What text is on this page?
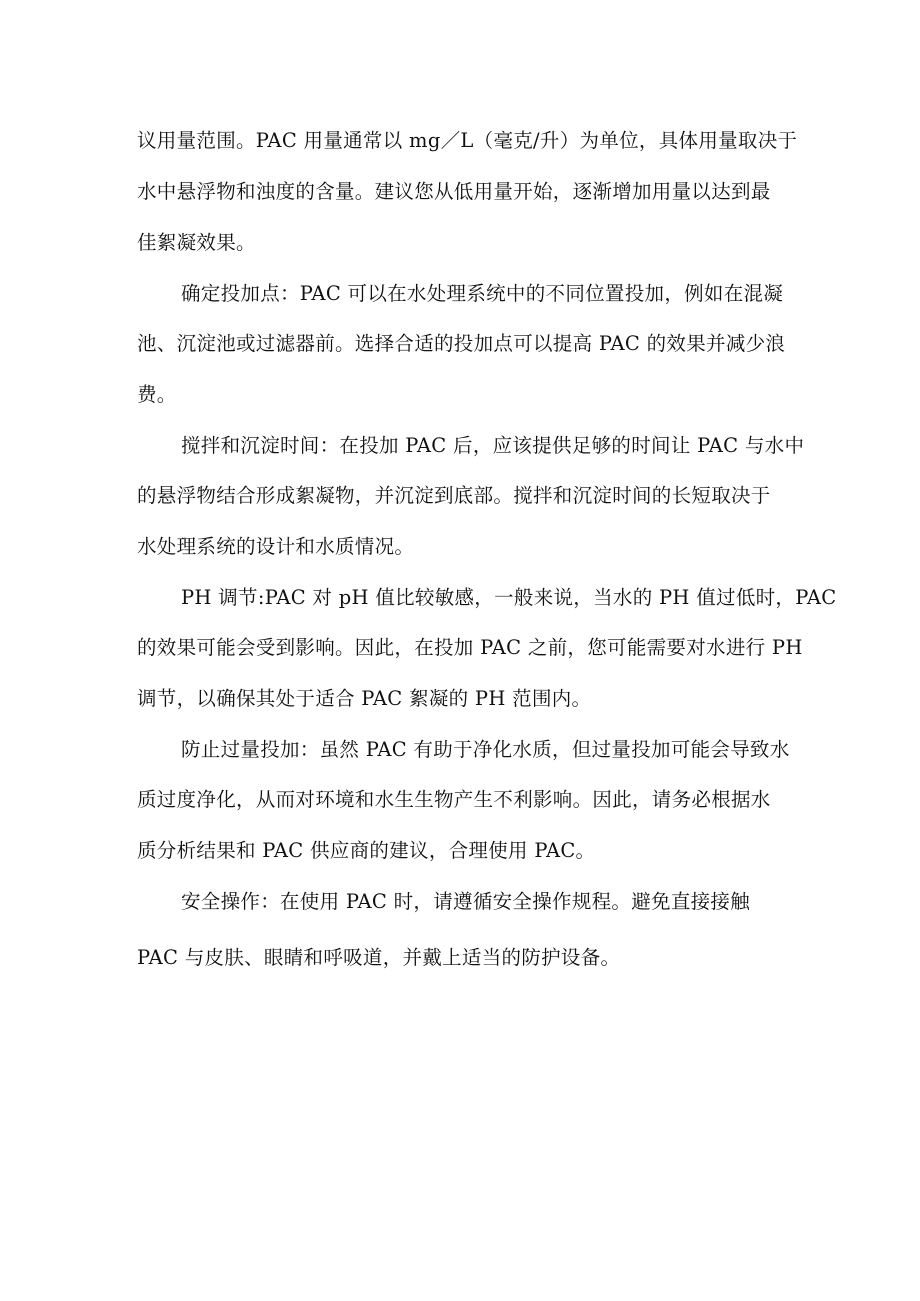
议用量范围。PAC 用量通常以 mg／L（毫克/升）为单位，具体用量取决于
水中悬浮物和浊度的含量。建议您从低用量开始，逐渐增加用量以达到最
佳絮凝效果。
确定投加点：PAC 可以在水处理系统中的不同位置投加，例如在混凝
池、沉淀池或过滤器前。选择合适的投加点可以提高 PAC 的效果并减少浪
费。
搅拌和沉淀时间：在投加 PAC 后，应该提供足够的时间让 PAC 与水中
的悬浮物结合形成絮凝物，并沉淀到底部。搅拌和沉淀时间的长短取决于
水处理系统的设计和水质情况。
PH 调节:PAC 对 pH 值比较敏感，一般来说，当水的 PH 值过低时，PAC
的效果可能会受到影响。因此，在投加 PAC 之前，您可能需要对水进行 PH
调节，以确保其处于适合 PAC 絮凝的 PH 范围内。
防止过量投加：虽然 PAC 有助于净化水质，但过量投加可能会导致水
质过度净化，从而对环境和水生生物产生不利影响。因此，请务必根据水
质分析结果和 PAC 供应商的建议，合理使用 PAC。
安全操作：在使用 PAC 时，请遵循安全操作规程。避免直接接触
PAC 与皮肤、眼睛和呼吸道，并戴上适当的防护设备。
